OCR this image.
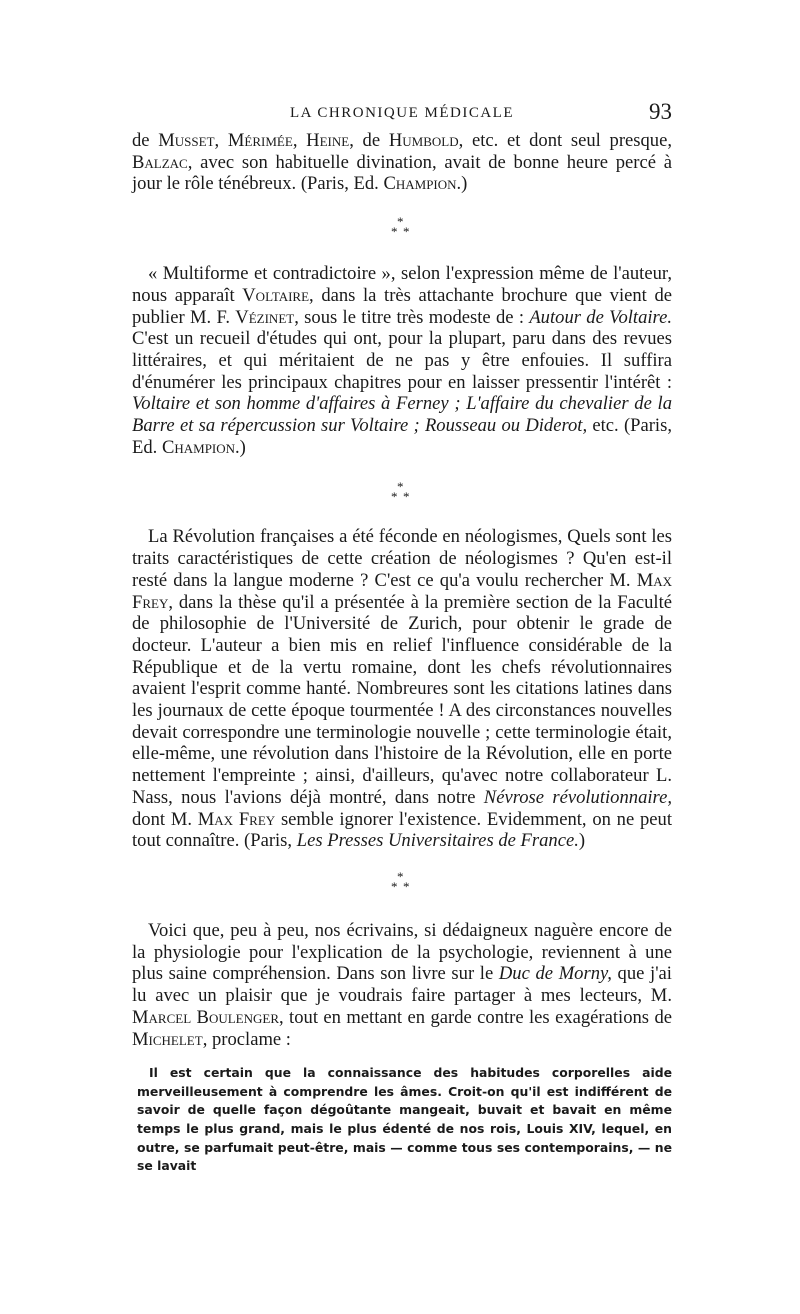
LA CHRONIQUE MÉDICALE	93

de Musset, Mérimée, Heine, de Humbold, etc. et dont seul presque, Balzac, avec son habituelle divination, avait de bonne heure percé à jour le rôle ténébreux. (Paris, Ed. Champion.)

*
* *

« Multiforme et contradictoire », selon l'expression même de l'auteur, nous apparaît Voltaire, dans la très attachante brochure que vient de publier M. F. Vézinet, sous le titre très modeste de : Autour de Voltaire. C'est un recueil d'études qui ont, pour la plupart, paru dans des revues littéraires, et qui méritaient de ne pas y être enfouies. Il suffira d'énumérer les principaux chapitres pour en laisser pressentir l'intérêt : Voltaire et son homme d'affaires à Ferney ; L'affaire du chevalier de la Barre et sa répercussion sur Voltaire ; Rousseau ou Diderot, etc. (Paris, Ed. Champion.)

*
* *

La Révolution françaises a été féconde en néologismes, Quels sont les traits caractéristiques de cette création de néologismes ? Qu'en est-il resté dans la langue moderne ? C'est ce qu'a voulu rechercher M. Max Frey, dans la thèse qu'il a présentée à la première section de la Faculté de philosophie de l'Université de Zurich, pour obtenir le grade de docteur. L'auteur a bien mis en relief l'influence considérable de la République et de la vertu romaine, dont les chefs révolutionnaires avaient l'esprit comme hanté. Nombreures sont les citations latines dans les journaux de cette époque tourmentée ! A des circonstances nouvelles devait correspondre une terminologie nouvelle ; cette terminologie était, elle-même, une révolution dans l'histoire de la Révolution, elle en porte nettement l'empreinte ; ainsi, d'ailleurs, qu'avec notre collaborateur L. Nass, nous l'avions déjà montré, dans notre Névrose révolutionnaire, dont M. Max Frey semble ignorer l'existence. Evidemment, on ne peut tout connaître. (Paris, Les Presses Universitaires de France.)

*
* *

Voici que, peu à peu, nos écrivains, si dédaigneux naguère encore de la physiologie pour l'explication de la psychologie, reviennent à une plus saine compréhension. Dans son livre sur le Duc de Morny, que j'ai lu avec un plaisir que je voudrais faire partager à mes lecteurs, M. Marcel Boulenger, tout en mettant en garde contre les exagérations de Michelet, proclame :

Il est certain que la connaissance des habitudes corporelles aide merveilleusement à comprendre les âmes. Croit-on qu'il est indifférent de savoir de quelle façon dégoûtante mangeait, buvait et bavait en même temps le plus grand, mais le plus édenté de nos rois, Louis XIV, lequel, en outre, se parfumait peut-être, mais — comme tous ses contemporains, — ne se lavait
